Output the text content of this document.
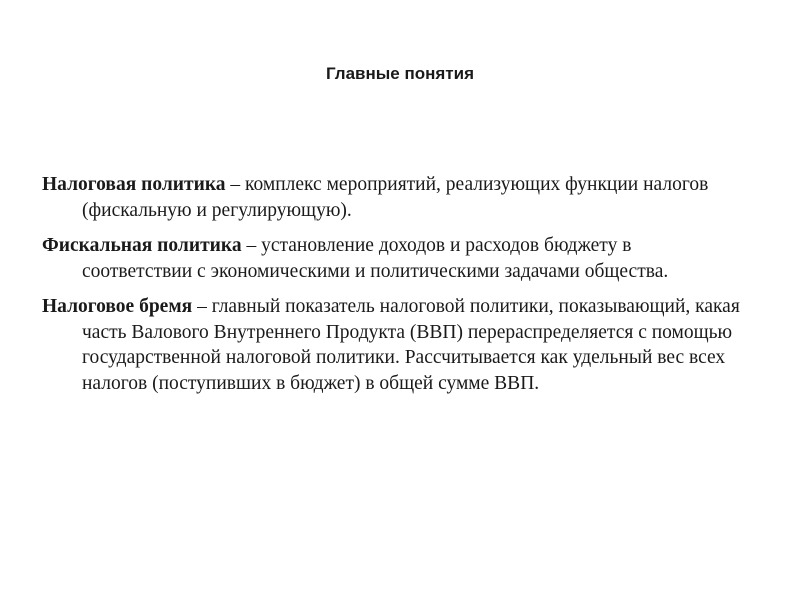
Главные понятия

Налоговая политика – комплекс мероприятий, реализующих функции налогов (фискальную и регулирующую).

Фискальная политика – установление доходов и расходов бюджету в соответствии с экономическими и политическими задачами общества.

Налоговое бремя – главный показатель налоговой политики, показывающий, какая часть Валового Внутреннего Продукта (ВВП) перераспределяется с помощью государственной налоговой политики. Рассчитывается как удельный вес всех налогов (поступивших в бюджет) в общей сумме ВВП.
